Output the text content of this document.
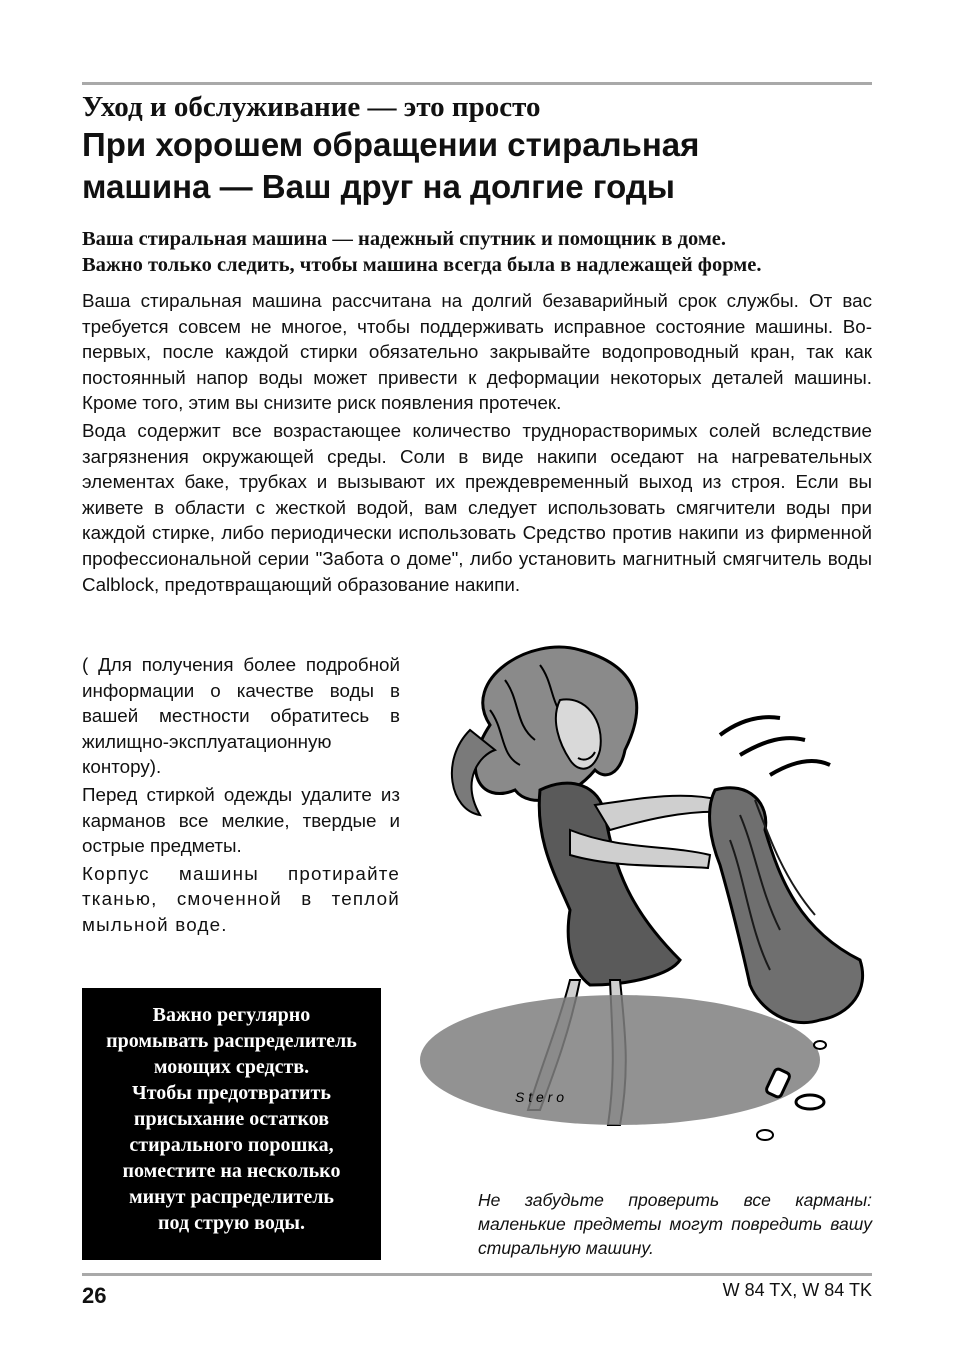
Уход и обслуживание — это просто
При хорошем обращении стиральная
машина — Ваш друг на долгие годы
Ваша стиральная машина — надежный спутник и помощник в доме.
Важно только следить, чтобы машина всегда была в надлежащей форме.

Ваша стиральная машина рассчитана на долгий безаварийный срок службы. От вас требуется совсем не многое, чтобы поддерживать исправное состояние машины. Во-первых, после каждой стирки обязательно закрывайте водопроводный кран, так как постоянный напор воды может привести к деформации некоторых деталей машины. Кроме того, этим вы снизите риск появления протечек.

Вода содержит все возрастающее количество труднорастворимых солей вследствие загрязнения окружающей среды. Соли в виде накипи оседают на нагревательных элементах баке, трубках и вызывают их преждевременный выход из строя. Если вы живете в области с жесткой водой, вам следует использовать смягчители воды при каждой стирке, либо периодически использовать Средство против накипи из фирменной профессиональной серии "Забота о доме", либо установить магнитный смягчитель воды Calblock, предотвращающий образование накипи.

( Для получения более подробной информации о качестве воды в вашей местности обратитесь в жилищно-эксплуатационную контору).

Перед стиркой одежды удалите из карманов все мелкие, твердые и острые предметы.

Корпус машины протирайте тканью, смоченной в теплой мыльной воде.

S t e r o
Не забудьте проверить все карманы: маленькие предметы могут повредить вашу стиральную машину.
Важно регулярно
промывать распределитель
моющих средств.
Чтобы предотвратить
присыхание остатков
стирального порошка,
поместите на несколько
минут распределитель
под струю воды.
26	W 84 TX, W 84 TK
